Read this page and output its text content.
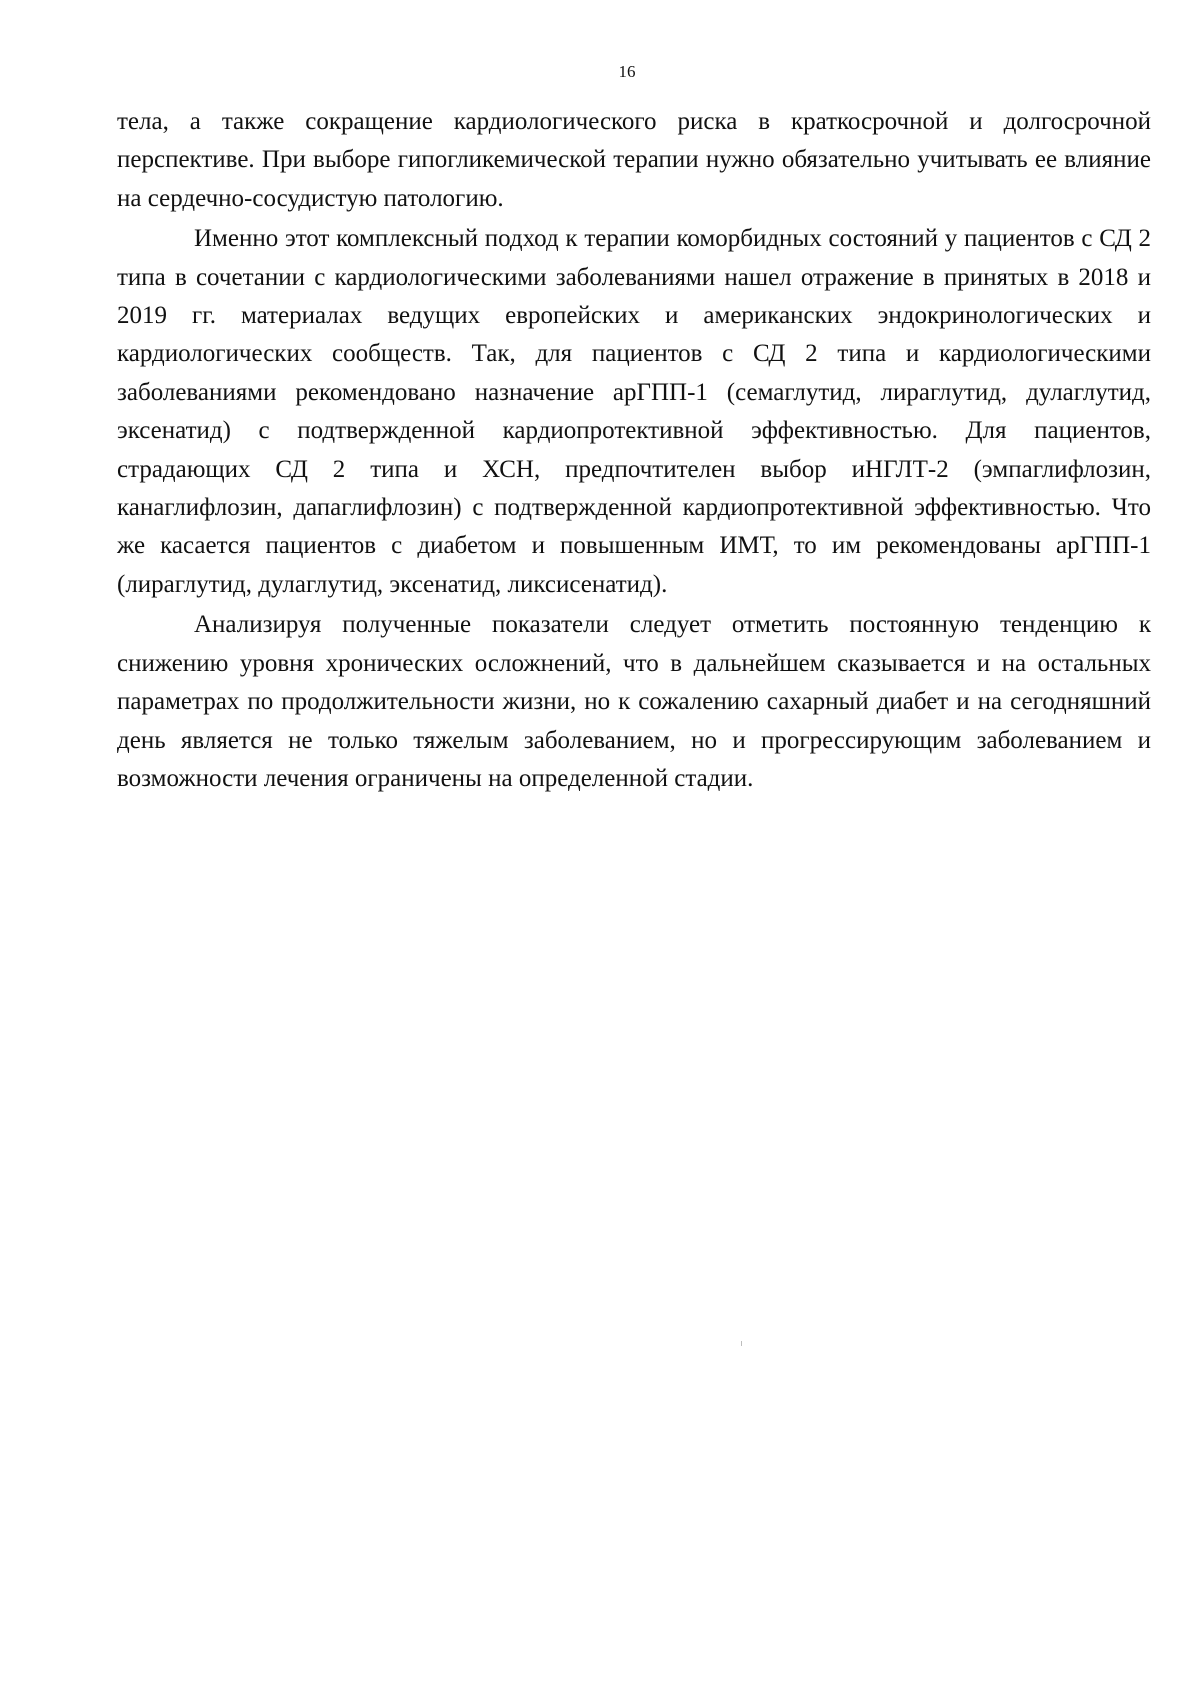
16

тела, а также сокращение кардиологического риска в краткосрочной и долгосрочной перспективе. При выборе гипогликемической терапии нужно обязательно учитывать ее влияние на сердечно-сосудистую патологию.

Именно этот комплексный подход к терапии коморбидных состояний у пациентов с СД 2 типа в сочетании с кардиологическими заболеваниями нашел отражение в принятых в 2018 и 2019 гг. материалах ведущих европейских и американских эндокринологических и кардиологических сообществ. Так, для пациентов с СД 2 типа и кардиологическими заболеваниями рекомендовано назначение арГПП-1 (семаглутид, лираглутид, дулаглутид, эксенатид) с подтвержденной кардиопротективной эффективностью. Для пациентов, страдающих СД 2 типа и ХСН, предпочтителен выбор иНГЛТ-2 (эмпаглифлозин, канаглифлозин, дапаглифлозин) с подтвержденной кардиопротективной эффективностью. Что же касается пациентов с диабетом и повышенным ИМТ, то им рекомендованы арГПП-1 (лираглутид, дулаглутид, эксенатид, ликсисенатид).

Анализируя полученные показатели следует отметить постоянную тенденцию к снижению уровня хронических осложнений, что в дальнейшем сказывается и на остальных параметрах по продолжительности жизни, но к сожалению сахарный диабет и на сегодняшний день является не только тяжелым заболеванием, но и прогрессирующим заболеванием и возможности лечения ограничены на определенной стадии.
